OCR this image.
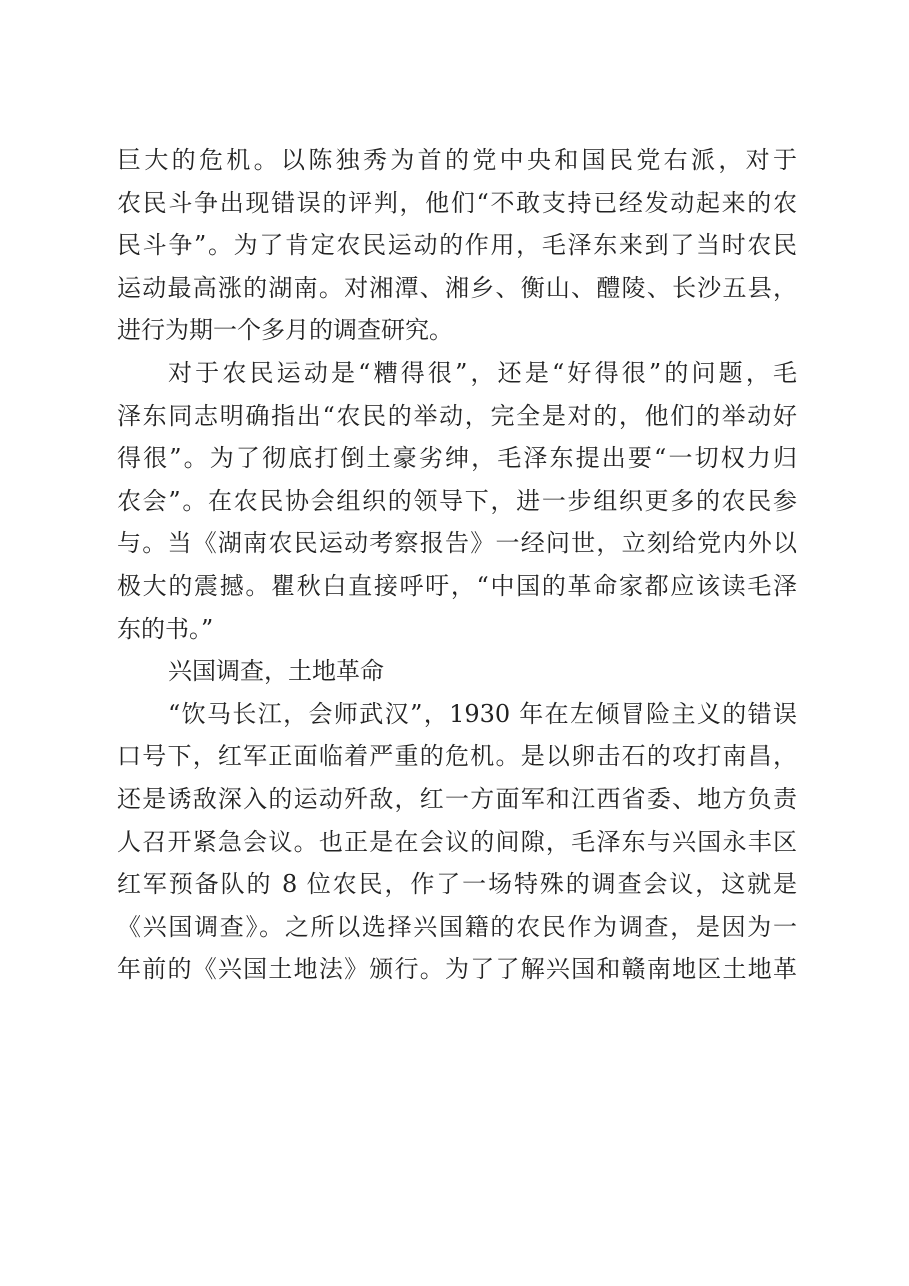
巨大的危机。以陈独秀为首的党中央和国民党右派，对于
农民斗争出现错误的评判，他们“不敢支持已经发动起来的农
民斗争”。为了肯定农民运动的作用，毛泽东来到了当时农民
运动最高涨的湖南。对湘潭、湘乡、衡山、醴陵、长沙五县，
进行为期一个多月的调查研究。
对于农民运动是“糟得很”，还是“好得很”的问题，毛
泽东同志明确指出“农民的举动，完全是对的，他们的举动好
得很”。为了彻底打倒土豪劣绅，毛泽东提出要“一切权力归
农会”。在农民协会组织的领导下，进一步组织更多的农民参
与。当《湖南农民运动考察报告》一经问世，立刻给党内外以
极大的震撼。瞿秋白直接呼吁，“中国的革命家都应该读毛泽
东的书。”
兴国调查，土地革命
“饮马长江，会师武汉”，1930 年在左倾冒险主义的错误
口号下，红军正面临着严重的危机。是以卵击石的攻打南昌，
还是诱敌深入的运动歼敌，红一方面军和江西省委、地方负责
人召开紧急会议。也正是在会议的间隙，毛泽东与兴国永丰区
红军预备队的 8 位农民，作了一场特殊的调查会议，这就是
《兴国调查》。之所以选择兴国籍的农民作为调查，是因为一
年前的《兴国土地法》颁行。为了了解兴国和赣南地区土地革
